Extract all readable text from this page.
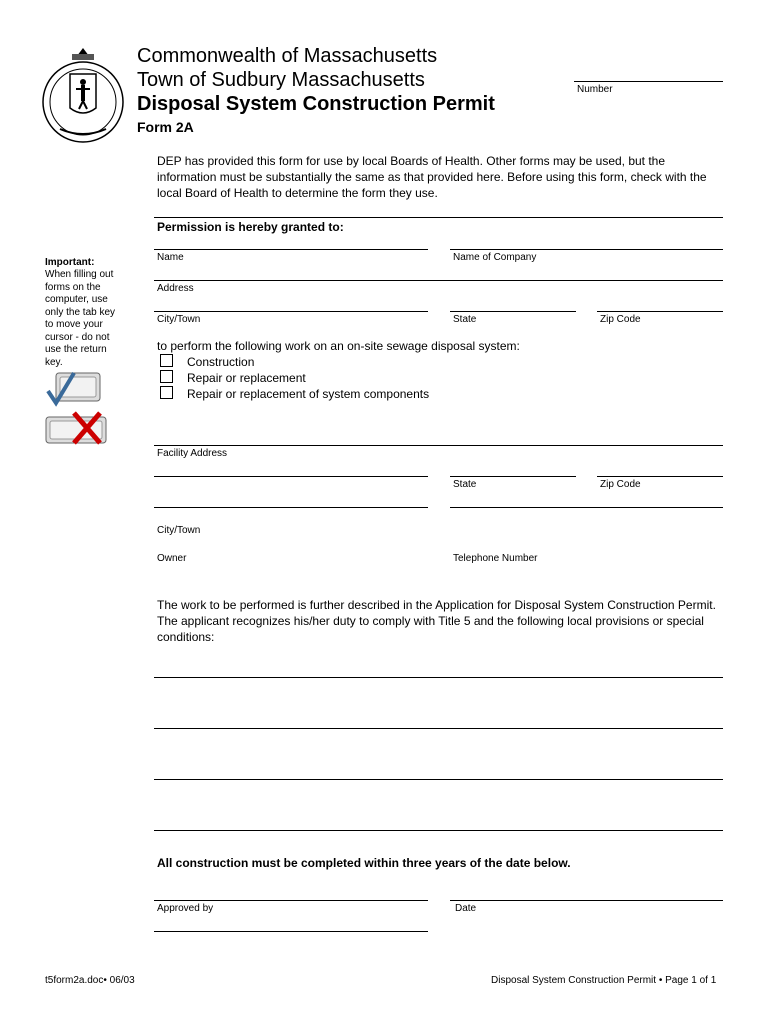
Commonwealth of Massachusetts
Town of Sudbury Massachusetts
Disposal System Construction Permit
Form 2A
Number
DEP has provided this form for use by local Boards of Health. Other forms may be used, but the information must be substantially the same as that provided here. Before using this form, check with the local Board of Health to determine the form they use.
Permission is hereby granted to:
Important:
When filling out forms on the computer, use only the tab key to move your cursor - do not use the return key.
Name	Name of Company
Address
City/Town	State	Zip Code
to perform the following work on an on-site sewage disposal system:
Construction
Repair or replacement
Repair or replacement of system components
Facility Address
State	Zip Code
City/Town
Owner	Telephone Number
The work to be performed is further described in the Application for Disposal System Construction Permit. The applicant recognizes his/her duty to comply with Title 5 and the following local provisions or special conditions:
All construction must be completed within three years of the date below.
Approved by	Date
t5form2a.doc• 06/03	Disposal System Construction Permit • Page 1 of 1
